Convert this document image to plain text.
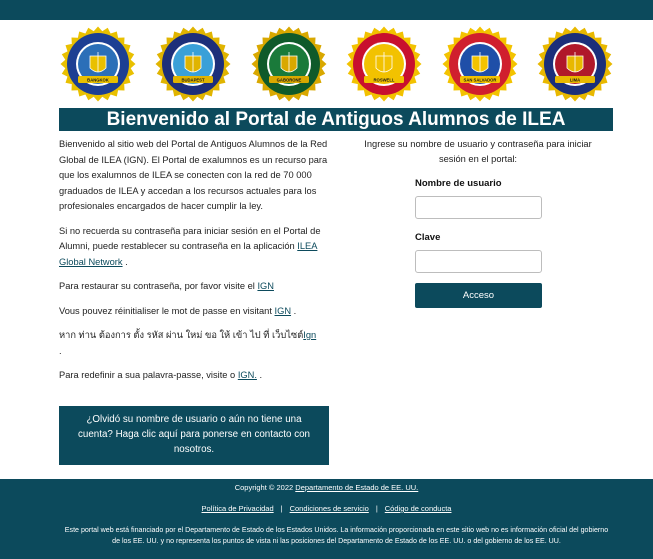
BANGKOK	BUDAPEST	GABORONE	ROSWELL	SAN SALVADOR	LIMA
Bienvenido al Portal de Antiguos Alumnos de ILEA

Bienvenido al sitio web del Portal de Antiguos Alumnos de la Red Global de ILEA (IGN). El Portal de exalumnos es un recurso para que los exalumnos de ILEA se conecten con la red de 70 000 graduados de ILEA y accedan a los recursos actuales para los profesionales encargados de hacer cumplir la ley.

Si no recuerda su contraseña para iniciar sesión en el Portal de Alumni, puede restablecer su contraseña en la aplicación ILEA Global Network .

Para restaurar su contraseña, por favor visite el IGN

Vous pouvez réinitialiser le mot de passe en visitant IGN .

หาก ท่าน ต้องการ ตั้ง รหัส ผ่าน ใหม่ ขอ ให้ เข้า ไป ที่ เว็บไซต์Ign
.

Para redefinir a sua palavra-passe, visite o IGN. .

¿Olvidó su nombre de usuario o aún no tiene una cuenta? Haga clic aquí para ponerse en contacto con nosotros.
Ingrese su nombre de usuario y contraseña para iniciar sesión en el portal:
Nombre de usuario
Clave
Acceso
Copyright © 2022 Departamento de Estado de EE. UU.
Política de Privacidad | Condiciones de servicio | Código de conducta
Este portal web está financiado por el Departamento de Estado de los Estados Unidos. La información proporcionada en este sitio web no es información oficial del gobierno de los EE. UU. y no representa los puntos de vista ni las posiciones del Departamento de Estado de los EE. UU. o del gobierno de los EE. UU.
